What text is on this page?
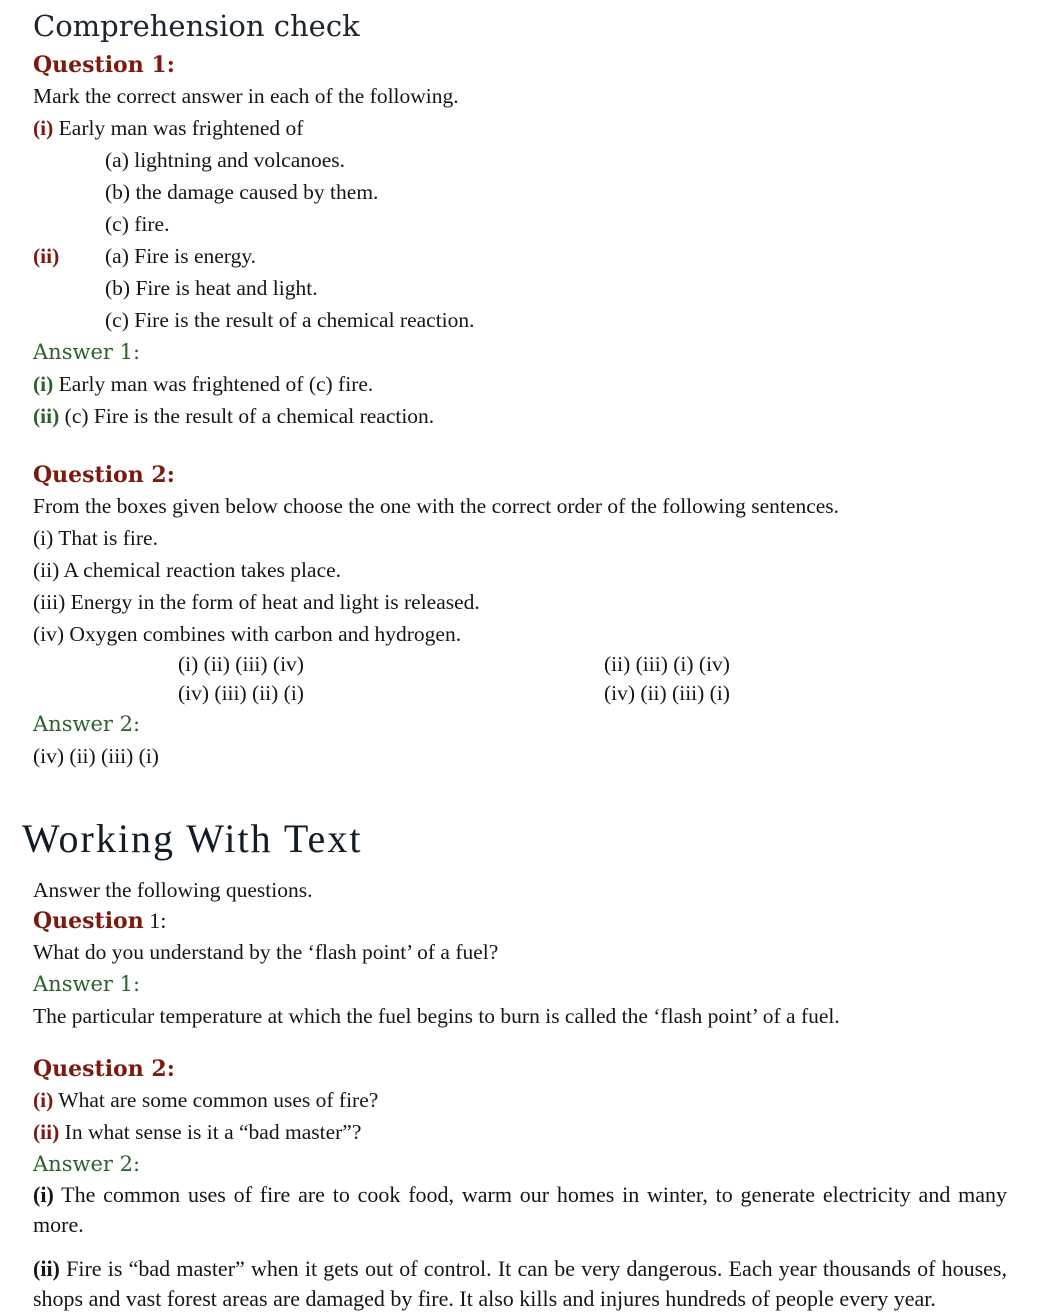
Comprehension check
Question 1:

Mark the correct answer in each of the following.

(i) Early man was frightened of

(a) lightning and volcanoes.

(b) the damage caused by them.

(c) fire.

(ii)	(a) Fire is energy.

(b) Fire is heat and light.

(c) Fire is the result of a chemical reaction.

Answer 1:

(i) Early man was frightened of (c) fire.

(ii) (c) Fire is the result of a chemical reaction.

Question 2:

From the boxes given below choose the one with the correct order of the following sentences.

(i) That is fire.

(ii) A chemical reaction takes place.

(iii) Energy in the form of heat and light is released.

(iv) Oxygen combines with carbon and hydrogen.

(i) (ii) (iii) (iv)	(ii) (iii) (i) (iv)
(iv) (iii) (ii) (i)	(iv) (ii) (iii) (i)
Answer 2:

(iv) (ii) (iii) (i)

Working With Text

Answer the following questions.

Question 1:

What do you understand by the ‘flash point’ of a fuel?

Answer 1:

The particular temperature at which the fuel begins to burn is called the ‘flash point’ of a fuel.

Question 2:

(i) What are some common uses of fire?

(ii) In what sense is it a “bad master”?

Answer 2:

(i) The common uses of fire are to cook food, warm our homes in winter, to generate electricity and many more.

(ii) Fire is “bad master” when it gets out of control. It can be very dangerous. Each year thousands of houses, shops and vast forest areas are damaged by fire. It also kills and injures hundreds of people every year.
